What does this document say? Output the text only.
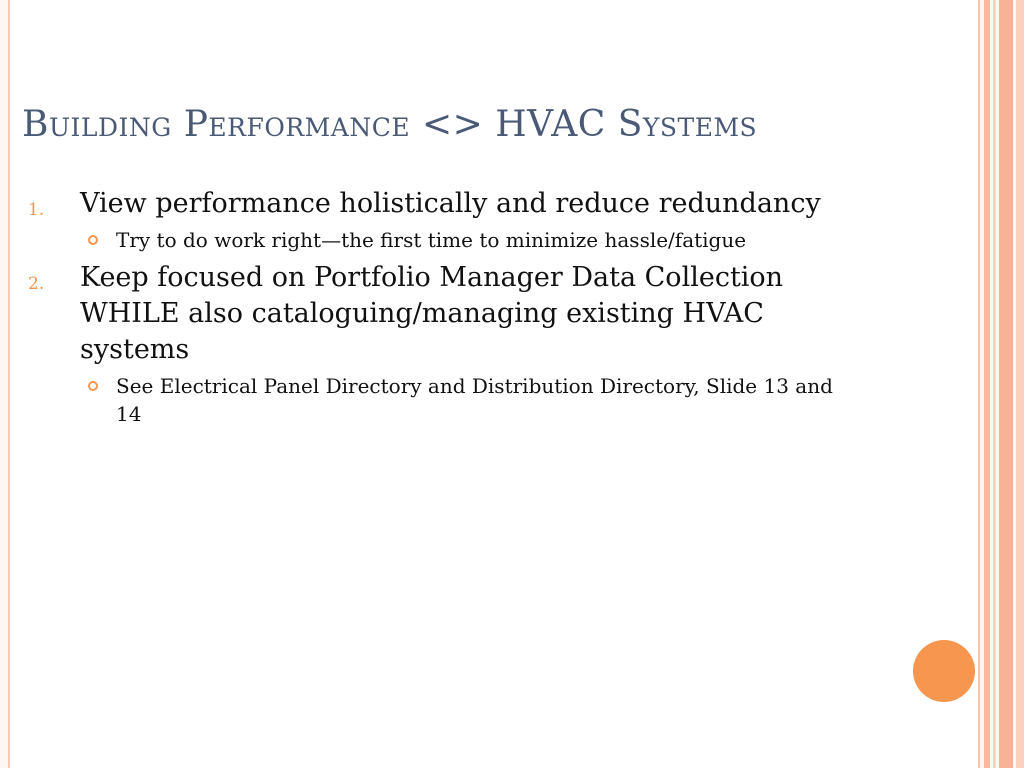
Building Performance <> HVAC Systems
1. View performance holistically and reduce redundancy
Try to do work right—the first time to minimize hassle/fatigue
2. Keep focused on Portfolio Manager Data Collection WHILE also cataloguing/managing existing HVAC systems
See Electrical Panel Directory and Distribution Directory, Slide 13 and 14
